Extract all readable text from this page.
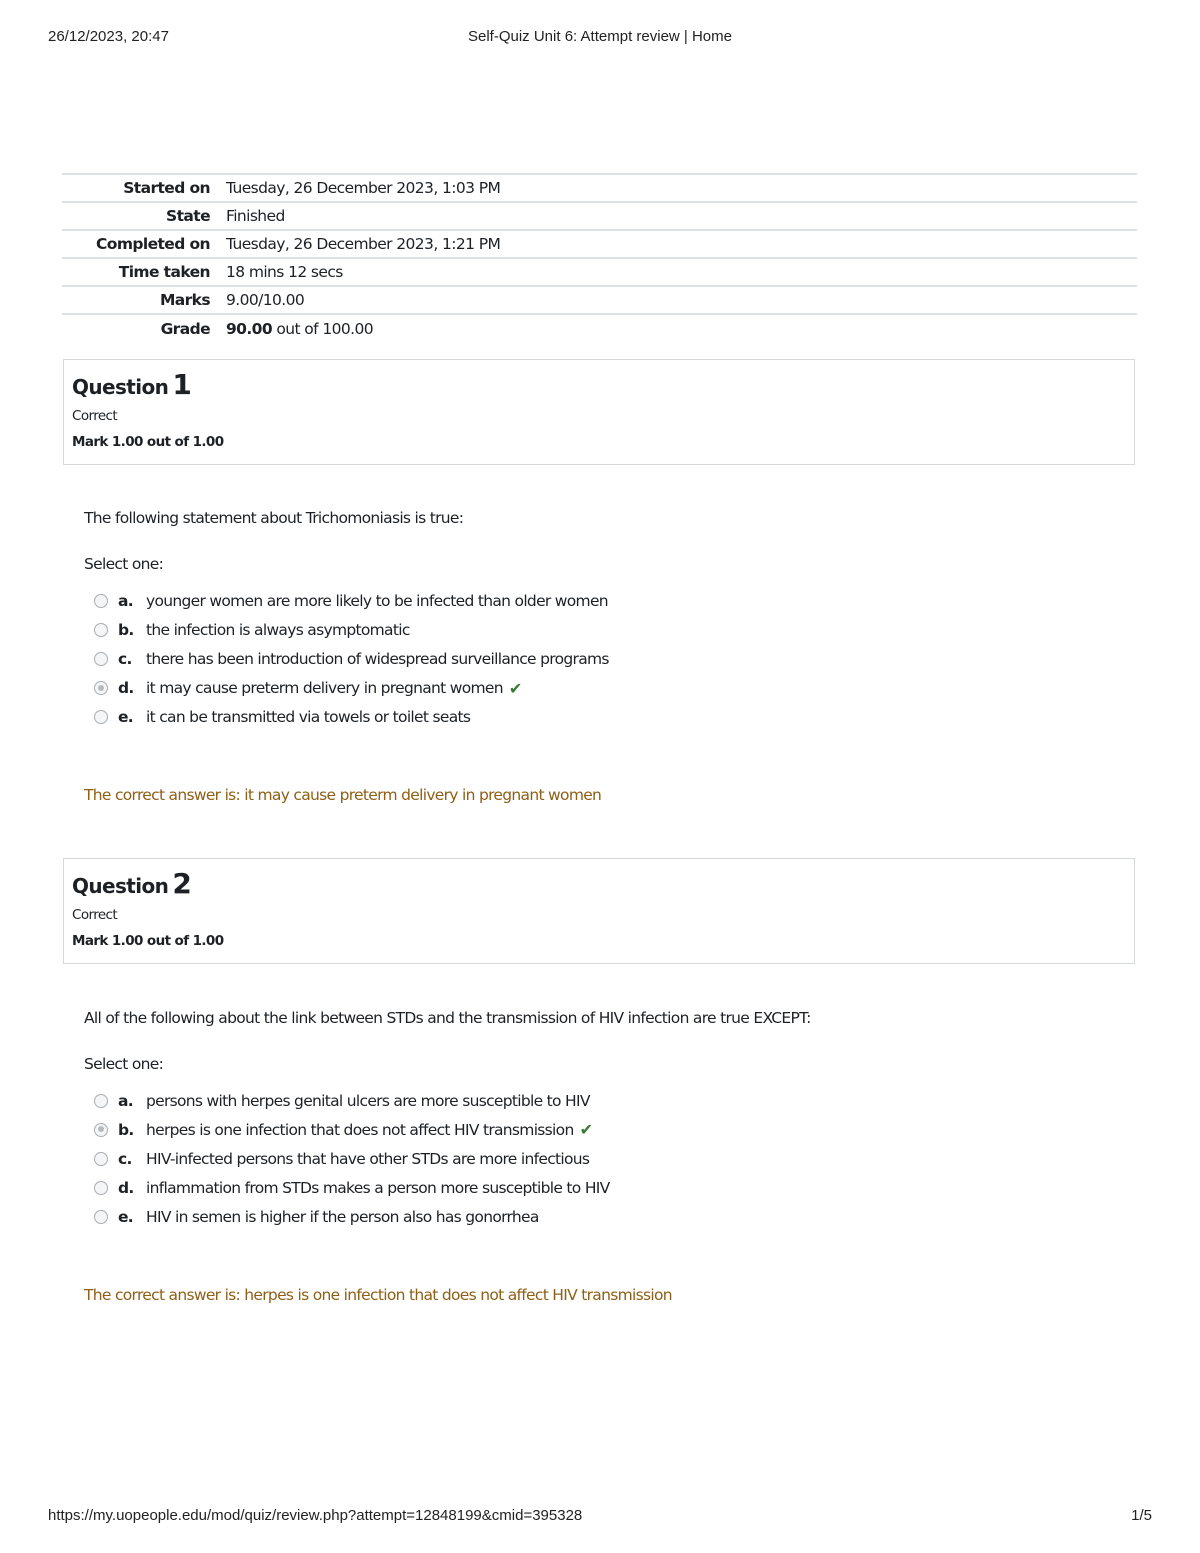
26/12/2023, 20:47	Self-Quiz Unit 6: Attempt review | Home
Started on	Tuesday, 26 December 2023, 1:03 PM
State	Finished
Completed on	Tuesday, 26 December 2023, 1:21 PM
Time taken	18 mins 12 secs
Marks	9.00/10.00
Grade	90.00 out of 100.00
Question 1
Correct
Mark 1.00 out of 1.00
The following statement about Trichomoniasis is true:
Select one:
a. younger women are more likely to be infected than older women
b. the infection is always asymptomatic
c. there has been introduction of widespread surveillance programs
d. it may cause preterm delivery in pregnant women ✔
e. it can be transmitted via towels or toilet seats
The correct answer is: it may cause preterm delivery in pregnant women
Question 2
Correct
Mark 1.00 out of 1.00
All of the following about the link between STDs and the transmission of HIV infection are true EXCEPT:
Select one:
a. persons with herpes genital ulcers are more susceptible to HIV
b. herpes is one infection that does not affect HIV transmission ✔
c. HIV-infected persons that have other STDs are more infectious
d. inflammation from STDs makes a person more susceptible to HIV
e. HIV in semen is higher if the person also has gonorrhea
The correct answer is: herpes is one infection that does not affect HIV transmission
https://my.uopeople.edu/mod/quiz/review.php?attempt=12848199&cmid=395328	1/5
